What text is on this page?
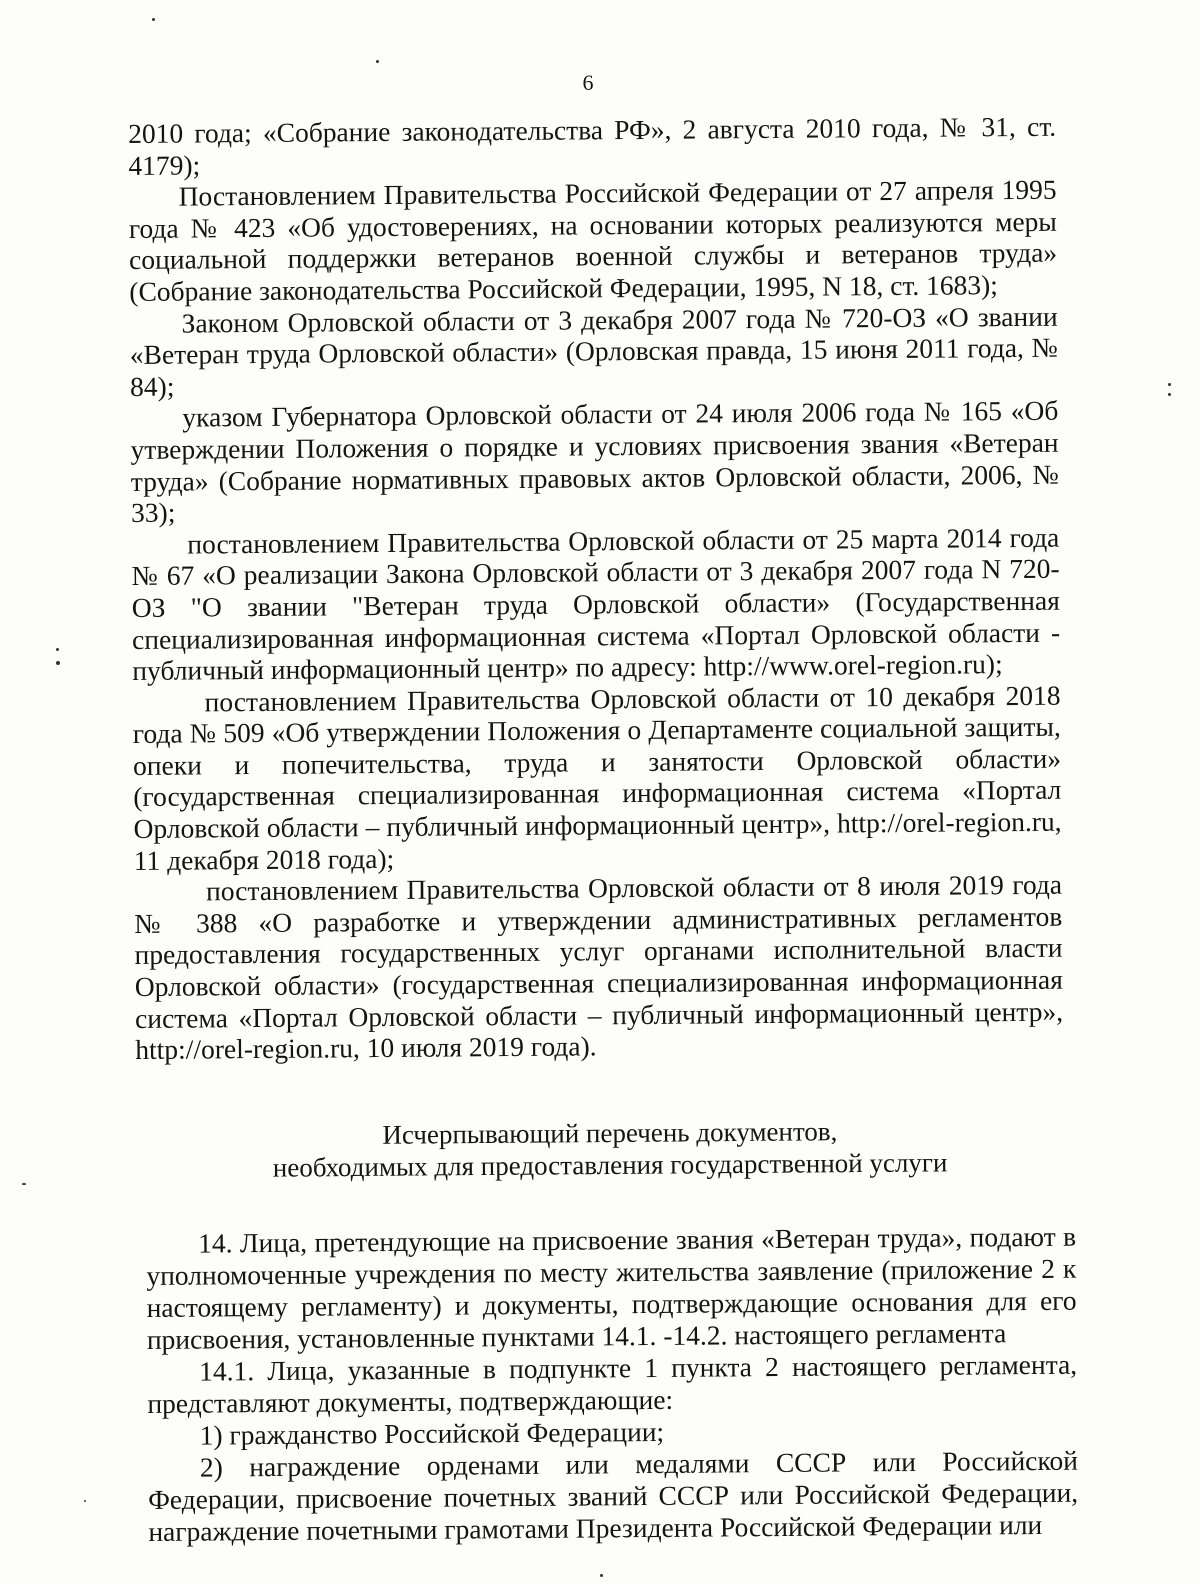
6

2010 года; «Собрание законодательства РФ», 2 августа 2010 года, № 31, ст. 4179);

Постановлением Правительства Российской Федерации от 27 апреля 1995 года № 423 «Об удостоверениях, на основании которых реализуются меры социальной поддержки ветеранов военной службы и ветеранов труда» (Собрание законодательства Российской Федерации, 1995, N 18, ст. 1683);

Законом Орловской области от 3 декабря 2007 года № 720-ОЗ «О звании «Ветеран труда Орловской области» (Орловская правда, 15 июня 2011 года, № 84);

указом Губернатора Орловской области от 24 июля 2006 года № 165 «Об утверждении Положения о порядке и условиях присвоения звания «Ветеран труда» (Собрание нормативных правовых актов Орловской области, 2006, № 33);

постановлением Правительства Орловской области от 25 марта 2014 года № 67 «О реализации Закона Орловской области от 3 декабря 2007 года N 720-ОЗ "О звании "Ветеран труда Орловской области» (Государственная специализированная информационная система «Портал Орловской области - публичный информационный центр» по адресу: http://www.orel-region.ru);

постановлением Правительства Орловской области от 10 декабря 2018 года № 509 «Об утверждении Положения о Департаменте социальной защиты, опеки и попечительства, труда и занятости Орловской области» (государственная специализированная информационная система «Портал Орловской области – публичный информационный центр», http://orel-region.ru, 11 декабря 2018 года);

постановлением Правительства Орловской области от 8 июля 2019 года № 388 «О разработке и утверждении административных регламентов предоставления государственных услуг органами исполнительной власти Орловской области» (государственная специализированная информационная система «Портал Орловской области – публичный информационный центр», http://orel-region.ru, 10 июля 2019 года).

Исчерпывающий перечень документов,
необходимых для предоставления государственной услуги

14. Лица, претендующие на присвоение звания «Ветеран труда», подают в уполномоченные учреждения по месту жительства заявление (приложение 2 к настоящему регламенту) и документы, подтверждающие основания для его присвоения, установленные пунктами 14.1. -14.2. настоящего регламента

14.1. Лица, указанные в подпункте 1 пункта 2 настоящего регламента, представляют документы, подтверждающие:

1) гражданство Российской Федерации;

2) награждение орденами или медалями СССР или Российской Федерации, присвоение почетных званий СССР или Российской Федерации, награждение почетными грамотами Президента Российской Федерации или
